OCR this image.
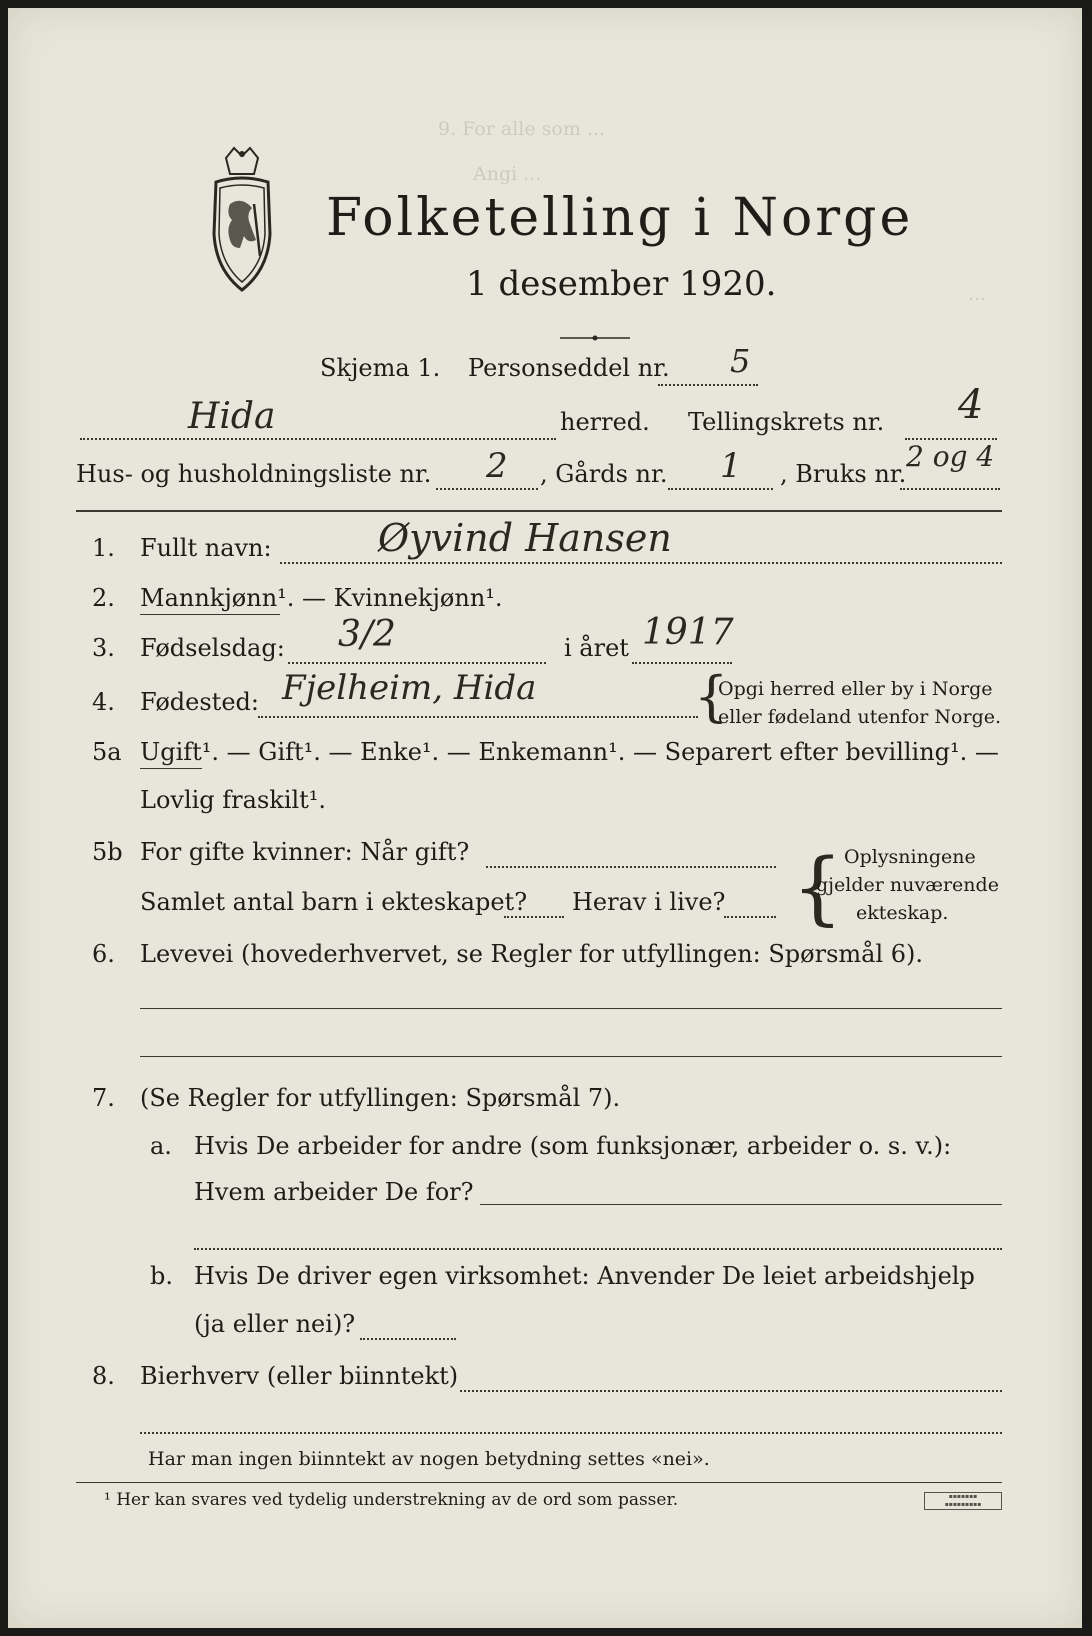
9. For alle som ...
Angi ...
...
Folketelling i Norge
1 desember 1920.
Skjema 1. Personseddel nr. 5
Hida	herred. Tellingskrets nr. 4
Hus- og husholdningsliste nr. 2 , Gårds nr. 1 , Bruks nr.
2 og 4
1. Fullt navn:	Øyvind Hansen
2. Mannkjønn¹. — Kvinnekjønn¹.
3. Fødselsdag: 3/2	i året 1917
4. Fødested: Fjelheim, Hida	{
Opgi herred eller by i Norge
eller fødeland utenfor Norge.
5a Ugift¹. — Gift¹. — Enke¹. — Enkemann¹. — Separert efter bevilling¹. —
Lovlig fraskilt¹.
5b For gifte kvinner: Når gift?
Samlet antal barn i ekteskapet? Herav i live? { Oplysningene
gjelder nuværende
ekteskap.
6. Levevei (hovederhvervet, se Regler for utfyllingen: Spørsmål 6).
7. (Se Regler for utfyllingen: Spørsmål 7).
a. Hvis De arbeider for andre (som funksjonær, arbeider o. s. v.):
Hvem arbeider De for?
b. Hvis De driver egen virksomhet: Anvender De leiet arbeidshjelp
(ja eller nei)?
8. Bierhverv (eller biinntekt)
Har man ingen biinntekt av nogen betydning settes «nei».
¹ Her kan svares ved tydelig understrekning av de ord som passer.	▪▪▪▪▪▪▪
▪▪▪▪▪▪▪▪▪
